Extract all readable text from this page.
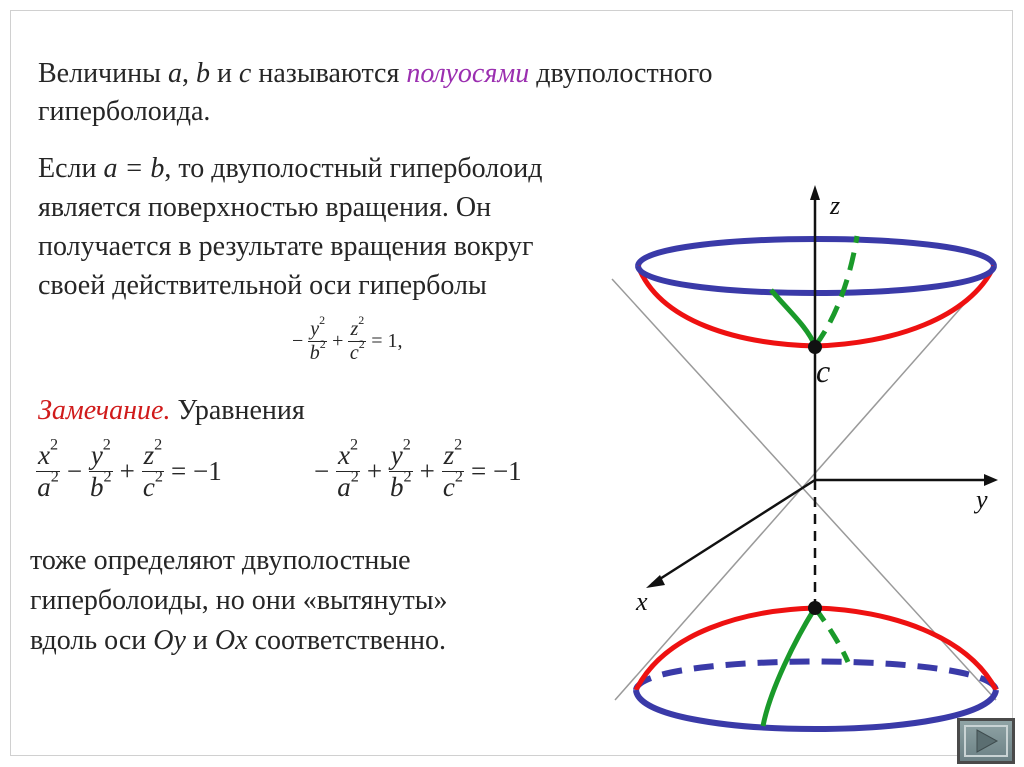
Величины a, b и c называются полуосями двуполостного
гиперболоида.
Если a = b, то двуполостный гиперболоид
является поверхностью вращения. Он
получается в результате вращения вокруг
своей действительной оси гиперболы
− $\frac{y^2}{b^2} + \frac{z^2}{c^2} = 1$,
Замечание. Уравнения
$\frac{x^2}{a^2} - \frac{y^2}{b^2} + \frac{z^2}{c^2} = -1$	− $\frac{x^2}{a^2} + \frac{y^2}{b^2} + \frac{z^2}{c^2} = -1$
тоже определяют двуполостные
гиперболоиды, но они «вытянуты»
вдоль оси Oy и Ox соответственно.
z
y
x
c
